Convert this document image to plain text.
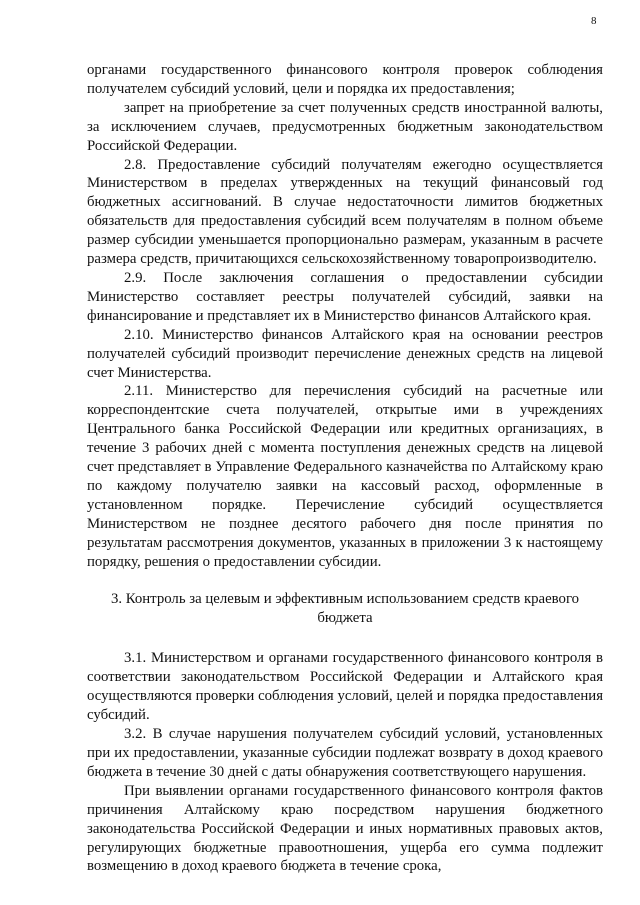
8

органами государственного финансового контроля проверок соблюдения получателем субсидий условий, цели и порядка их предоставления;

запрет на приобретение за счет полученных средств иностранной валюты, за исключением случаев, предусмотренных бюджетным законодательством Российской Федерации.

2.8. Предоставление субсидий получателям ежегодно осуществляется Министерством в пределах утвержденных на текущий финансовый год бюджетных ассигнований. В случае недостаточности лимитов бюджетных обязательств для предоставления субсидий всем получателям в полном объеме размер субсидии уменьшается пропорционально размерам, указанным в расчете размера средств, причитающихся сельскохозяйственному товаропроизводителю.

2.9. После заключения соглашения о предоставлении субсидии Министерство составляет реестры получателей субсидий, заявки на финансирование и представляет их в Министерство финансов Алтайского края.

2.10. Министерство финансов Алтайского края на основании реестров получателей субсидий производит перечисление денежных средств на лицевой счет Министерства.

2.11. Министерство для перечисления субсидий на расчетные или корреспондентские счета получателей, открытые ими в учреждениях Центрального банка Российской Федерации или кредитных организациях, в течение 3 рабочих дней с момента поступления денежных средств на лицевой счет представляет в Управление Федерального казначейства по Алтайскому краю по каждому получателю заявки на кассовый расход, оформленные в установленном порядке. Перечисление субсидий осуществляется Министерством не позднее десятого рабочего дня после принятия по результатам рассмотрения документов, указанных в приложении 3 к настоящему порядку, решения о предоставлении субсидии.

3. Контроль за целевым и эффективным использованием средств краевого бюджета

3.1. Министерством и органами государственного финансового контроля в соответствии законодательством Российской Федерации и Алтайского края осуществляются проверки соблюдения условий, целей и порядка предоставления субсидий.

3.2. В случае нарушения получателем субсидий условий, установленных при их предоставлении, указанные субсидии подлежат возврату в доход краевого бюджета в течение 30 дней с даты обнаружения соответствующего нарушения.

При выявлении органами государственного финансового контроля фактов причинения Алтайскому краю посредством нарушения бюджетного законодательства Российской Федерации и иных нормативных правовых актов, регулирующих бюджетные правоотношения, ущерба его сумма подлежит возмещению в доход краевого бюджета в течение срока,
